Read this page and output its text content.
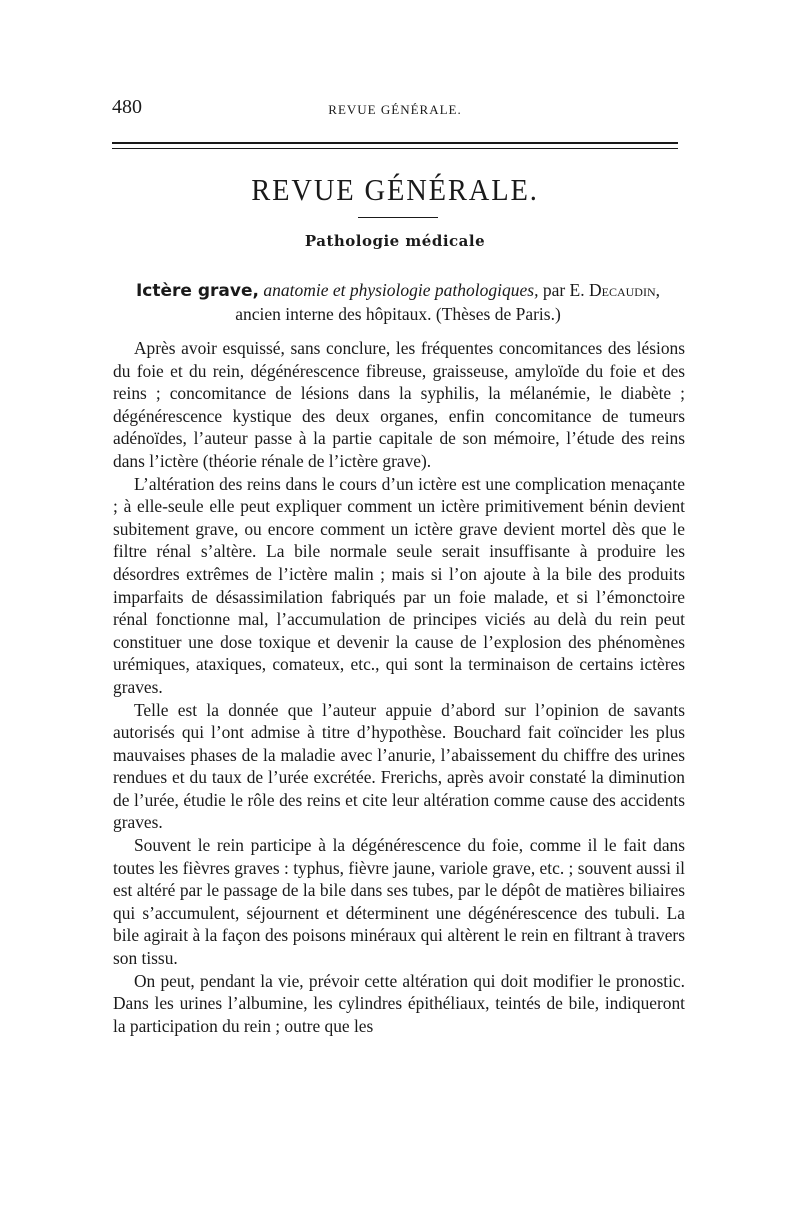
480	REVUE GÉNÉRALE.
REVUE GÉNÉRALE.
Pathologie médicale
Ictère grave, anatomie et physiologie pathologiques, par E. Decaudin,
ancien interne des hôpitaux. (Thèses de Paris.)

Après avoir esquissé, sans conclure, les fréquentes concomitances des lésions du foie et du rein, dégénérescence fibreuse, graisseuse, amyloïde du foie et des reins ; concomitance de lésions dans la syphilis, la mélanémie, le diabète ; dégénérescence kystique des deux organes, enfin concomitance de tumeurs adénoïdes, l’auteur passe à la partie capitale de son mémoire, l’étude des reins dans l’ictère (théorie rénale de l’ictère grave).

L’altération des reins dans le cours d’un ictère est une complication menaçante ; à elle-seule elle peut expliquer comment un ictère primitivement bénin devient subitement grave, ou encore comment un ictère grave devient mortel dès que le filtre rénal s’altère. La bile normale seule serait insuffisante à produire les désordres extrêmes de l’ictère malin ; mais si l’on ajoute à la bile des produits imparfaits de désassimilation fabriqués par un foie malade, et si l’émonctoire rénal fonctionne mal, l’accumulation de principes viciés au delà du rein peut constituer une dose toxique et devenir la cause de l’explosion des phénomènes urémiques, ataxiques, comateux, etc., qui sont la terminaison de certains ictères graves.

Telle est la donnée que l’auteur appuie d’abord sur l’opinion de savants autorisés qui l’ont admise à titre d’hypothèse. Bouchard fait coïncider les plus mauvaises phases de la maladie avec l’anurie, l’abaissement du chiffre des urines rendues et du taux de l’urée excrétée. Frerichs, après avoir constaté la diminution de l’urée, étudie le rôle des reins et cite leur altération comme cause des accidents graves.

Souvent le rein participe à la dégénérescence du foie, comme il le fait dans toutes les fièvres graves : typhus, fièvre jaune, variole grave, etc. ; souvent aussi il est altéré par le passage de la bile dans ses tubes, par le dépôt de matières biliaires qui s’accumulent, séjournent et déterminent une dégénérescence des tubuli. La bile agirait à la façon des poisons minéraux qui altèrent le rein en filtrant à travers son tissu.

On peut, pendant la vie, prévoir cette altération qui doit modifier le pronostic. Dans les urines l’albumine, les cylindres épithéliaux, teintés de bile, indiqueront la participation du rein ; outre que les
